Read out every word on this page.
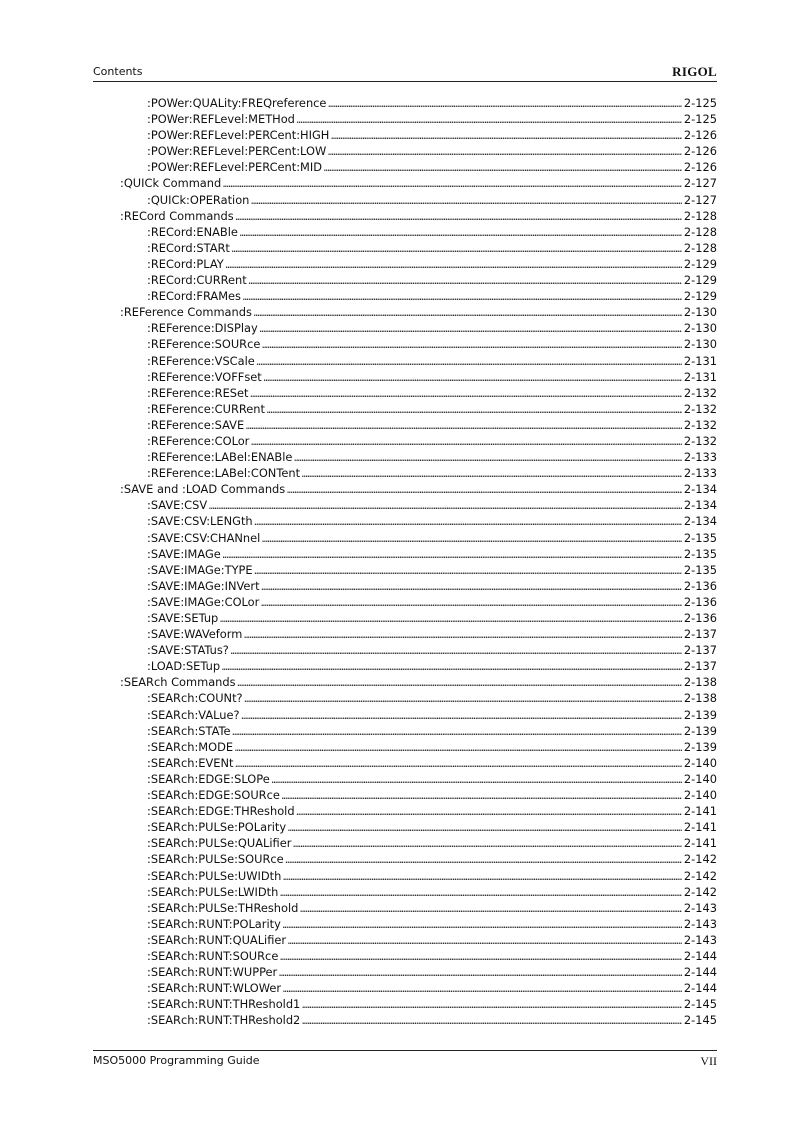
Contents	RIGOL
:POWer:QUALity:FREQreference . . .	2-125
:POWer:REFLevel:METHod . . .	2-125
:POWer:REFLevel:PERCent:HIGH . . .	2-126
:POWer:REFLevel:PERCent:LOW . . .	2-126
:POWer:REFLevel:PERCent:MID . . .	2-126
:QUICk Command . . .	2-127
:QUICk:OPERation . . .	2-127
:RECord Commands . . .	2-128
:RECord:ENABle . . .	2-128
:RECord:STARt . . .	2-128
:RECord:PLAY . . .	2-129
:RECord:CURRent . . .	2-129
:RECord:FRAMes . . .	2-129
:REFerence Commands . . .	2-130
:REFerence:DISPlay . . .	2-130
:REFerence:SOURce . . .	2-130
:REFerence:VSCale . . .	2-131
:REFerence:VOFFset . . .	2-131
:REFerence:RESet . . .	2-132
:REFerence:CURRent . . .	2-132
:REFerence:SAVE . . .	2-132
:REFerence:COLor . . .	2-132
:REFerence:LABel:ENABle . . .	2-133
:REFerence:LABel:CONTent . . .	2-133
:SAVE and :LOAD Commands . . .	2-134
:SAVE:CSV . . .	2-134
:SAVE:CSV:LENGth . . .	2-134
:SAVE:CSV:CHANnel . . .	2-135
:SAVE:IMAGe . . .	2-135
:SAVE:IMAGe:TYPE . . .	2-135
:SAVE:IMAGe:INVert . . .	2-136
:SAVE:IMAGe:COLor . . .	2-136
:SAVE:SETup . . .	2-136
:SAVE:WAVeform . . .	2-137
:SAVE:STATus? . . .	2-137
:LOAD:SETup . . .	2-137
:SEARch Commands . . .	2-138
:SEARch:COUNt? . . .	2-138
:SEARch:VALue? . . .	2-139
:SEARch:STATe . . .	2-139
:SEARch:MODE . . .	2-139
:SEARch:EVENt . . .	2-140
:SEARch:EDGE:SLOPe . . .	2-140
:SEARch:EDGE:SOURce . . .	2-140
:SEARch:EDGE:THReshold . . .	2-141
:SEARch:PULSe:POLarity . . .	2-141
:SEARch:PULSe:QUALifier . . .	2-141
:SEARch:PULSe:SOURce . . .	2-142
:SEARch:PULSe:UWIDth . . .	2-142
:SEARch:PULSe:LWIDth . . .	2-142
:SEARch:PULSe:THReshold . . .	2-143
:SEARch:RUNT:POLarity . . .	2-143
:SEARch:RUNT:QUALifier . . .	2-143
:SEARch:RUNT:SOURce . . .	2-144
:SEARch:RUNT:WUPPer . . .	2-144
:SEARch:RUNT:WLOWer . . .	2-144
:SEARch:RUNT:THReshold1 . . .	2-145
:SEARch:RUNT:THReshold2 . . .	2-145
MSO5000 Programming Guide	VII
